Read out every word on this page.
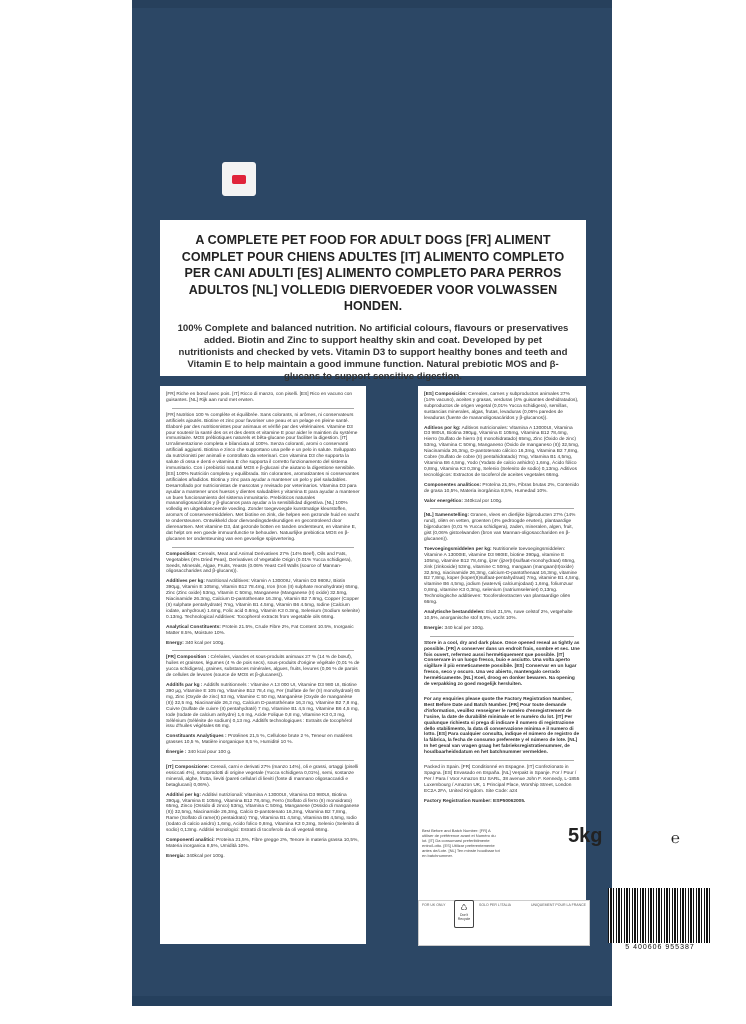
A COMPLETE PET FOOD FOR ADULT DOGS [FR] ALIMENT COMPLET POUR CHIENS ADULTES [IT] ALIMENTO COMPLETO PER CANI ADULTI [ES] ALIMENTO COMPLETO PARA PERROS ADULTOS [NL] VOLLEDIG DIERVOEDER VOOR VOLWASSEN HONDEN.
100% Complete and balanced nutrition. No artificial colours, flavours or preservatives added. Biotin and Zinc to support healthy skin and coat. Developed by pet nutritionists and checked by vets. Vitamin D3 to support healthy bones and teeth and Vitamin E to help maintain a good immune function. Natural prebiotic MOS and β-glucans to support sensitive digestion.

[FR] Riche en bœuf avec pois. [IT] Ricco di manzo, con piselli. [ES] Rico en vacuno con guisantes. [NL] Rijk aan rund met erwten.

[FR] Nutrition 100 % complète et équilibrée. Sans colorants, ni arômes, ni conservateurs artificiels ajoutés. Biotine et zinc pour favoriser une peau et un pelage en pleine santé. Élaboré par des nutritionnistes pour animaux et vérifié par des vétérinaires. Vitamine D3 pour soutenir la santé des os et des dents et vitamine E pour aider le maintien du système immunitaire. MOS prébiotiques naturels et bêta-glucane pour faciliter la digestion. [IT] Un'alimentazione completa e bilanciata al 100%. Senza coloranti, aromi o conservanti artificiali aggiunti. Biotina e zinco che supportano una pelle e un pelo in salute. Sviluppato da nutrizionisti per animali e controllato da veterinari. Con vitamina D3 che supporta la salute di ossa e denti e vitamina E che supporta il corretto funzionamento del sistema immunitario. Con i prebiotici naturali MOS e β-glucani che aiutano la digestione sensibile. [ES] 100% Nutrición completa y equilibrada. Sin colorantes, aromatizantes ni conservantes artificiales añadidos. Biotina y zinc para ayudar a mantener un pelo y piel saludables. Desarrollado por nutricionistas de mascotas y revisado por veterinarios. Vitamina D3 para ayudar a mantener unos huesos y dientes saludables y vitamina E para ayudar a mantener un buen funcionamiento del sistema inmunitario. Prebióticos naturales mananoligosacáridos y β-glucanos para ayudar a la sensibilidad digestiva. [NL] 100% volledig en uitgebalanceerde voeding. Zonder toegevoegde kunstmatige kleurstoffen, aroma's of conserveermiddelen. Met biotine en zink, die helpen een gezonde huid en vacht te ondersteunen. Ontwikkeld door diervoedingsdeskundigen en gecontroleerd door dierenartsen. Met vitamine D3, dat gezonde botten en tanden ondersteunt, en vitamine E, dat helpt om een goede immuunfunctie te behouden. Natuurlijke prebiotica MOS en β-glucanen ter ondersteuning van een gevoelige spijsvertering.

Composition: Cereals, Meat and Animal Derivatives 27% (14% Beef), Oils and Fats, Vegetables (4% Dried Peas), Derivatives of Vegetable Origin (0.01% Yucca schidigera), Seeds, Minerals, Algae, Fruits, Yeasts (0.06% Yeast Cell Walls (source of Mannan-oligosaccharides and β-glucans)).

Additives per kg: Nutritional Additives: Vitamin A 13000IU, Vitamin D3 980IU, Biotin 390µg, Vitamin E 105mg, Vitamin B12 78.4mg, Iron (Iron (II) sulphate monohydrate) 65mg, Zinc (Zinc oxide) 53mg, Vitamin C 50mg, Manganese (Manganese (II) oxide) 32.5mg, Niacinamide 26.3mg, Calcium D-pantothenate 16.3mg, Vitamin B2 7.8mg, Copper (Copper (II) sulphate pentahydrate) 7mg, Vitamin B1 4.5mg, Vitamin B6 4.5mg, Iodine (Calcium iodate, anhydrous) 1.6mg, Folic acid 0.8mg, Vitamin K3 0.3mg, Selenium (Sodium selenite) 0.13mg. Technological Additives: Tocopherol extracts from vegetable oils 66mg.

Analytical Constituents: Protein 21.5%, Crude Fibre 2%, Fat Content 10.5%, Inorganic Matter 8.5%, Moisture 10%.

Energy: 340 kcal per 100g.

[FR] Composition : Céréales, viandes et sous-produits animaux 27 % (14 % de bœuf), huiles et graisses, légumes (4 % de pois secs), sous-produits d'origine végétale (0,01 % de yucca schidigera), graines, substances minérales, algues, fruits, levures (0,06 % de parois de cellules de levures (source de MOS et β-glucanes)).

Additifs par kg : Additifs nutritionnels : Vitamine A 13 000 UI, Vitamine D3 980 UI, Biotine 390 µg, Vitamine E 105 mg, Vitamine B12 78,4 mg, Fer (Sulfate de fer (II) monohydraté) 65 mg, Zinc (Oxyde de zinc) 53 mg, Vitamine C 50 mg, Manganèse (Oxyde de manganèse (II)) 32,5 mg, Niacinamide 26,3 mg, Calcium D-pantothénate 16,3 mg, Vitamine B2 7,8 mg, Cuivre (Sulfate de cuivre (II) pentahydraté) 7 mg, Vitamine B1 4,5 mg, Vitamine B6 4,5 mg, Iode (Iodate de calcium anhydre) 1,6 mg, Acide Folique 0,8 mg, Vitamine K3 0,3 mg, Sélénium (Sélénite de sodium) 0,13 mg. Additifs technologiques : Extraits de tocophérol issu d'huiles végétales 66 mg.

Constituants Analytiques : Protéines 21,5 %, Cellulose brute 2 %, Teneur en matières grasses 10,5 %, Matière inorganique 8,5 %, Humidité 10 %.

Énergie : 340 kcal pour 100 g.

[IT] Composizione: Cereali, carni e derivati 27% (manzo 14%), oli e grassi, ortaggi (piselli essiccati 4%), sottoprodotti di origine vegetale (Yucca schidigera 0,01%), semi, sostanze minerali, alghe, frutta, lieviti (pareti cellulari di lieviti (fonte di mannano oligosaccaridi e betaglucani) 0,06%).

Additivi per kg: Additivi nutrizionali: Vitamina A 13000UI, Vitamina D3 980UI, Biotina 390µg, Vitamina E 105mg, Vitamina B12 78,4mg, Ferro (Solfato di ferro (II) monoidrato) 65mg, Zinco (Ossido di zinco) 53mg, Vitamina C 50mg, Manganese (Ossido di manganese (II)) 32,5mg, Niacinamide 26,3mg, Calcio D-pantotenato 16,3mg, Vitamina B2 7,8mg, Rame (Solfato di rame(II) pentaidrato) 7mg, Vitamina B1 4,5mg, Vitamina B6 4,5mg, Iodio (Iodato di calcio anidro) 1,6mg, Acido folico 0,8mg, Vitamina K3 0,3mg, Selenio (Selenito di sodio) 0,13mg. Additivi tecnologici: Estratti di tocoferolo da oli vegetali 66mg.

Componenti analitici: Proteina 21,5%, Fibre gregge 2%, Tenore in materia grassa 10,5%, Materia inorganica 8,5%, Umidità 10%.

Energia: 340kcal per 100g.

[ES] Composición: Cereales, carnes y subproductos animales 27% (14% vacuno), aceites y grasas, verduras (4% guisantes deshidratados), subproductos de origen vegetal (0,01% Yucca schidigera), semillas, sustancias minerales, algas, frutas, levaduras (0,06% paredes de levaduras (fuente de mananoligosacáridos y β-glucanos)).

Aditivos por kg: Aditivos nutricionales: Vitamina A 13000UI, Vitamina D3 980UI, Biotina 390µg, Vitamina E 105mg, Vitamina B12 78,4mg, Hierro (Sulfato de hierro (II) monohidratado) 65mg, Zinc (Óxido de zinc) 53mg, Vitamina C 50mg, Manganeso (Óxido de manganeso (II)) 32,5mg, Niacinamida 26,3mg, D-pantotenato cálcico 16,3mg, Vitamina B2 7,8mg, Cobre (Sulfato de cobre (II) pentahidratado) 7mg, Vitamina B1 4,5mg, Vitamina B6 4,5mg, Yodo (Yodato de calcio anhidro) 1,6mg, Ácido fólico 0,8mg, Vitamina K3 0,3mg, Selenio (Selenito de sodio) 0,13mg. Aditivos tecnológicos: Extractos de tocoferol de aceites vegetales 66mg.

Componentes analíticos: Proteína 21,5%, Fibras brutas 2%, Contenido de grasa 10,5%, Materia inorgánica 8,5%, Humedad 10%.

Valor energético: 340kcal por 100g.

[NL] Samenstelling: Granen, vlees en dierlijke bijproducten 27% (14% rund), oliën en vetten, groenten (4% gedroogde erwten), plantaardige bijproducten (0,01 % Yucca schidigera), zaden, mineralen, algen, fruit, gist (0,06% gistcelwanden (bron van Mannan-oligosacchariden en β-glucanen)).

Toevoegingsmiddelen per kg: Nutritionele toevoegingsmiddelen: Vitamine A 13000IE, vitamine D3 980IE, biotine 390µg, vitamine E 105mg, vitamine B12 78,4mg, ijzer (ijzer(II)sulfaat-monohydraat) 65mg, zink (zinkoxide) 53mg, vitamine C 50mg, mangaan (mangaan(II)oxide) 32,5mg, niacinamide 26,3mg, calcium-D-pantothenaat 16,3mg, vitamine B2 7,8mg, koper (koper(II)sulfaat-pentahydraat) 7mg, vitamine B1 4,5mg, vitamine B6 4,5mg, jodium (watervrij calciumjodaat) 1,6mg, foliumzuur 0,8mg, vitamine K3 0,3mg, selenium (natriumseleniet) 0,13mg. Technologische additieven: Tocoferolextracten van plantaardige oliën 66mg.

Analytische bestanddelen: Eiwit 21,5%, ruwe celstof 2%, vetgehalte 10,5%, anorganische stof 8,5%, vocht 10%.

Energie: 340 kcal per 100g.

Store in a cool, dry and dark place. Once opened reseal as tightly as possible. [FR] A conserver dans un endroit frais, sombre et sec. Une fois ouvert, refermez aussi hermétiquement que possible. [IT] Conservare in un luogo fresco, buio e asciutto. Una volta aperto sigillare il più ermeticamente possibile. [ES] Conservar en un lugar fresco, seco y oscuro. Una vez abierto, mantengalo cerrado herméticamente. [NL] Koel, droog en donker bewaren. Na opening de verpakking zo goed mogelijk hersluiten.

For any enquiries please quote the Factory Registration Number, Best Before Date and Batch Number. [FR] Pour toute demande d'information, veuillez renseigner le numéro d'enregistrement de l'usine, la date de durabilité minimale et le numéro du lot. [IT] Per qualunque richiesta si prega di indicare il numero di registrazione dello stabilimento, la data di conservazione minima e il numero di lotto. [ES] Para cualquier consulta, indique el número de registro de la fábrica, la fecha de consumo preferente y el número de lote. [NL] In het geval van vragen graag het fabrieksregistratienummer, de houdbaarheidsdatum en het batchnummer vermelden.

Packed in Spain. [FR] Conditionné en Espagne. [IT] Confezionato in Spagna. [ES] Envasado en España. [NL] Verpakt in Spanje. For / Pour / Per / Para / Voor Amazon EU SARL, 38 avenue John F. Kennedy, L-1855 Luxembourg / Amazon UK, 1 Principal Place, Worship Street, London EC2A 2FA, United Kingdom. Site Code: a24

Factory Registration Number: ESP50062005.

Best Before and Batch Number: [FR] A utiliser de préférence avant et Numéro du lot. [IT] Da consumarsi preferibilmente entro/Lotto. [ES] Utilizar preferentemente antes de/Lote. [NL] Ten minste houdbaar tot en batchnummer.
5kg	℮
FOR UK ONLY	SOLO PER L'ITALIA	UNIQUEMENT POUR LA FRANCE
♺
Don't Recycle
5 400606 955387
